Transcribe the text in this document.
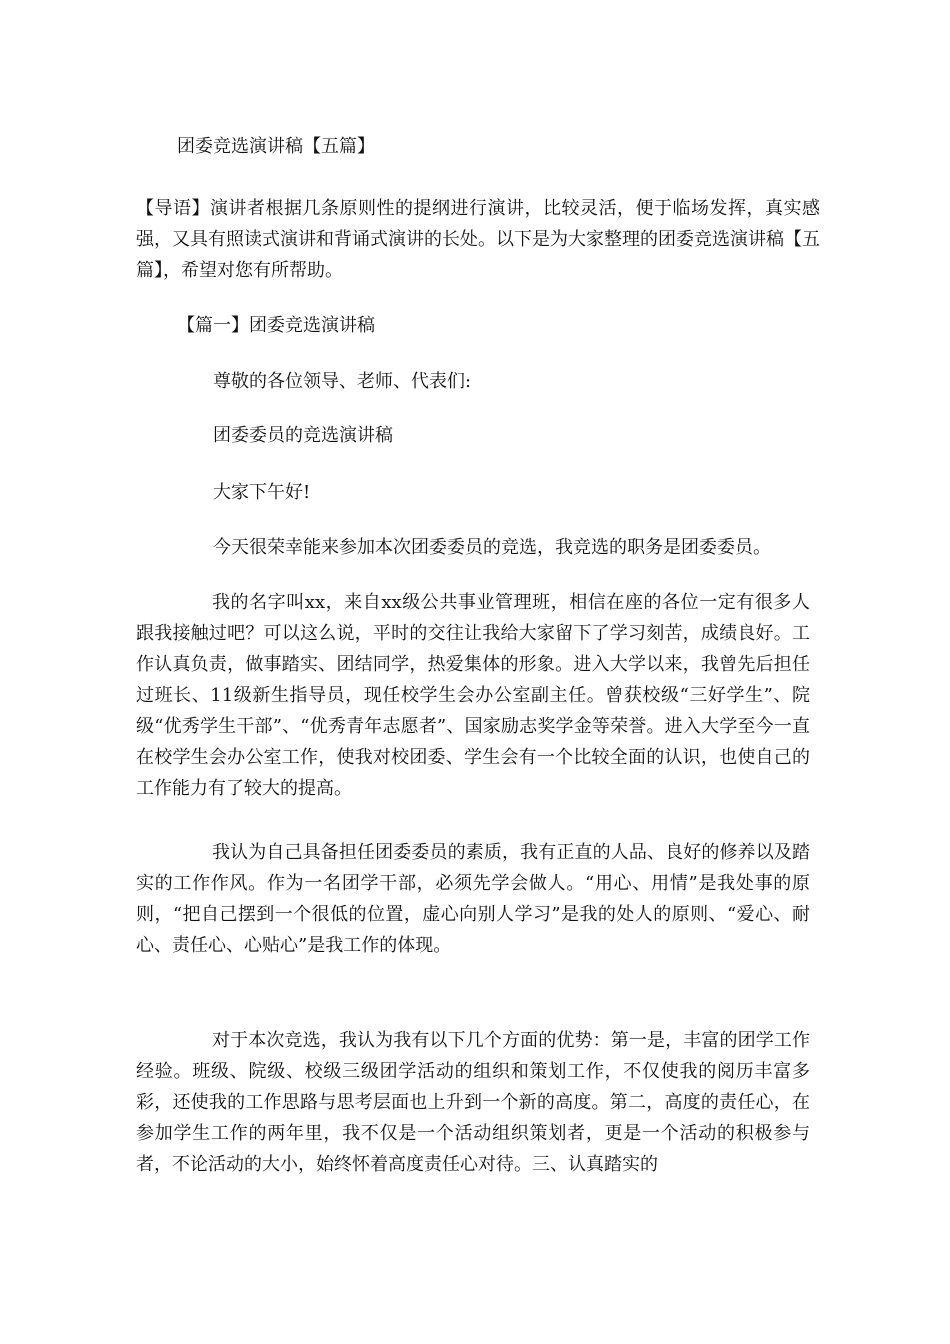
团委竞选演讲稿【五篇】
【导语】演讲者根据几条原则性的提纲进行演讲，比较灵活，便于临场发挥，真实感强，又具有照读式演讲和背诵式演讲的长处。以下是为大家整理的团委竞选演讲稿【五篇】，希望对您有所帮助。
【篇一】团委竞选演讲稿
尊敬的各位领导、老师、代表们:
团委委员的竞选演讲稿
大家下午好!
今天很荣幸能来参加本次团委委员的竞选，我竞选的职务是团委委员。
我的名字叫xx，来自xx级公共事业管理班，相信在座的各位一定有很多人跟我接触过吧？可以这么说，平时的交往让我给大家留下了学习刻苦，成绩良好。工作认真负责，做事踏实、团结同学，热爱集体的形象。进入大学以来，我曾先后担任过班长、11级新生指导员，现任校学生会办公室副主任。曾获校级“三好学生”、院级“优秀学生干部”、“优秀青年志愿者”、国家励志奖学金等荣誉。进入大学至今一直在校学生会办公室工作，使我对校团委、学生会有一个比较全面的认识，也使自己的工作能力有了较大的提高。
我认为自己具备担任团委委员的素质，我有正直的人品、良好的修养以及踏实的工作作风。作为一名团学干部，必须先学会做人。“用心、用情”是我处事的原则，“把自己摆到一个很低的位置，虚心向别人学习”是我的处人的原则、“爱心、耐心、责任心、心贴心”是我工作的体现。
对于本次竞选，我认为我有以下几个方面的优势：第一是，丰富的团学工作经验。班级、院级、校级三级团学活动的组织和策划工作，不仅使我的阅历丰富多彩，还使我的工作思路与思考层面也上升到一个新的高度。第二，高度的责任心，在参加学生工作的两年里，我不仅是一个活动组织策划者，更是一个活动的积极参与者，不论活动的大小，始终怀着高度责任心对待。三、认真踏实的
